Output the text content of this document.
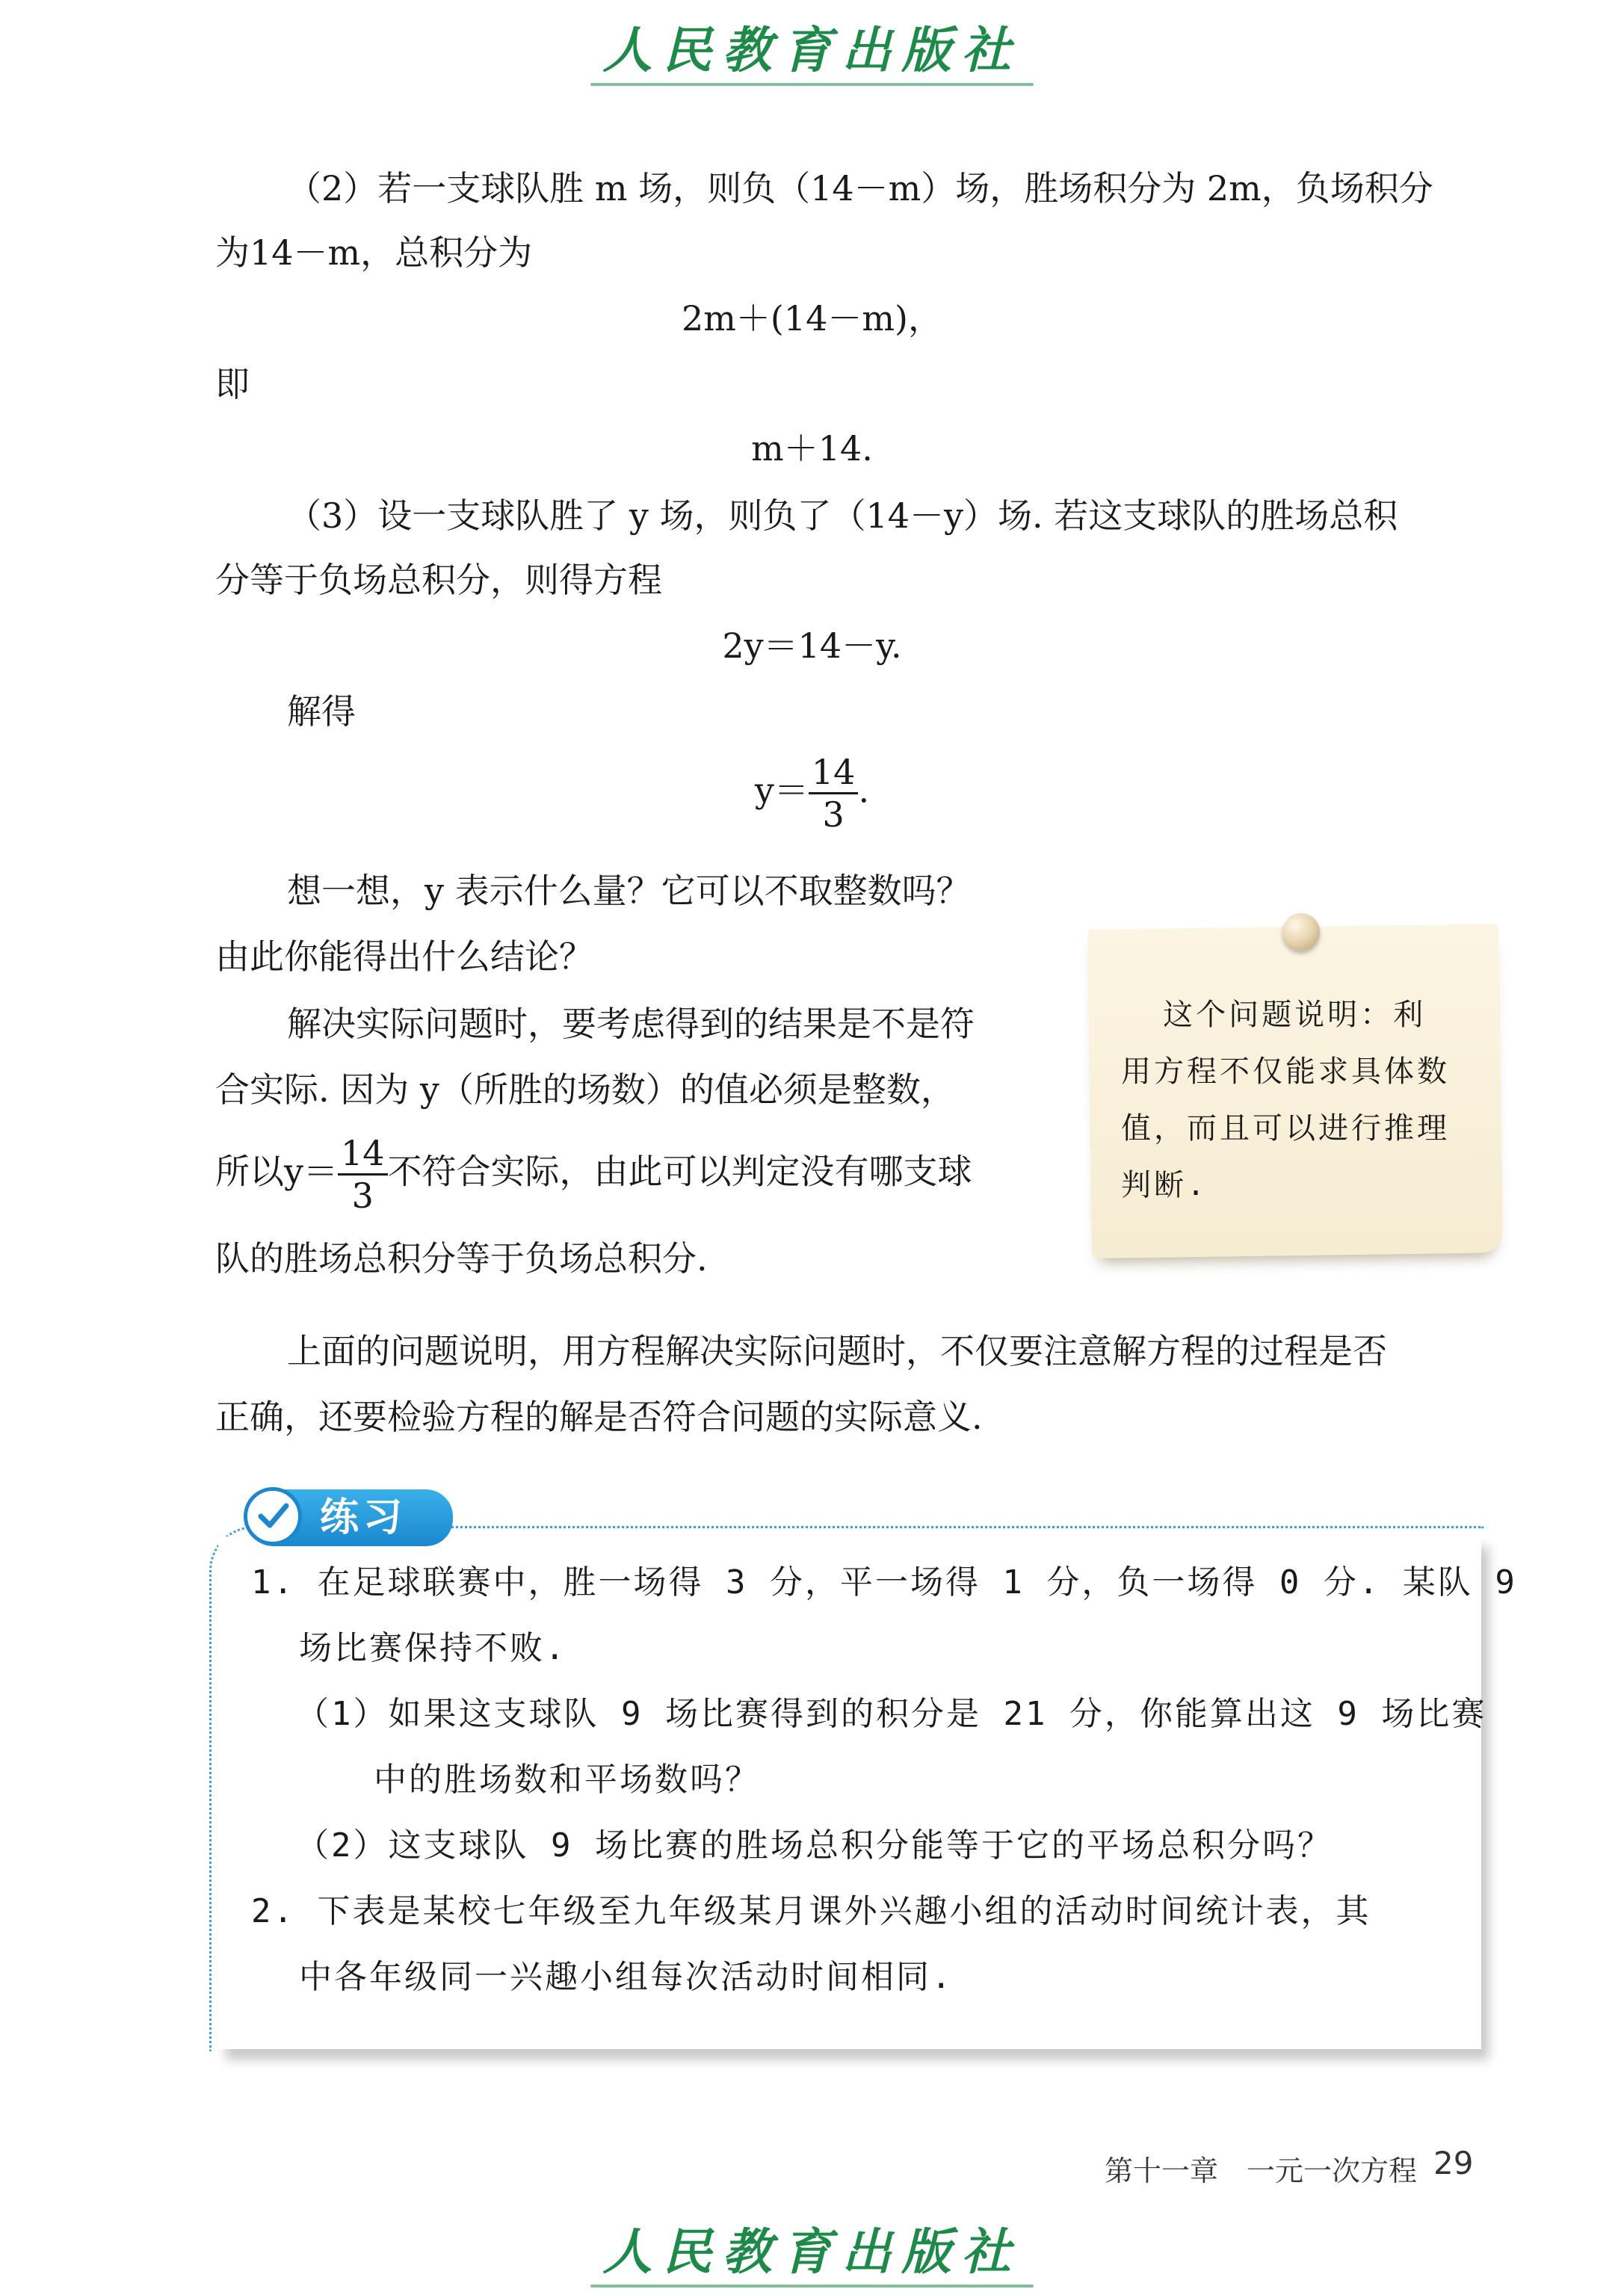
人民教育出版社
（2）若一支球队胜 m 场，则负（14－m）场，胜场积分为 2m，负场积分
为14－m，总积分为
2m＋(14－m)，
即
m＋14.
（3）设一支球队胜了 y 场，则负了（14－y）场. 若这支球队的胜场总积
分等于负场总积分，则得方程
2y＝14－y.
解得
$y= \frac{14}{3}$ .
想一想，y 表示什么量？它可以不取整数吗？
由此你能得出什么结论？
解决实际问题时，要考虑得到的结果是不是符
合实际. 因为 y（所胜的场数）的值必须是整数，
所以$y= \frac{14}{3}$ 不符合实际，由此可以判定没有哪支球
队的胜场总积分等于负场总积分.
这个问题说明：利
用方程不仅能求具体数
值，而且可以进行推理
判断.
上面的问题说明，用方程解决实际问题时，不仅要注意解方程的过程是否
正确，还要检验方程的解是否符合问题的实际意义.
练习
1. 在足球联赛中，胜一场得 3 分，平一场得 1 分，负一场得 0 分. 某队 9
场比赛保持不败.
（1）如果这支球队 9 场比赛得到的积分是 21 分，你能算出这 9 场比赛
中的胜场数和平场数吗？
（2）这支球队 9 场比赛的胜场总积分能等于它的平场总积分吗？
2. 下表是某校七年级至九年级某月课外兴趣小组的活动时间统计表，其
中各年级同一兴趣小组每次活动时间相同.
第十一章　一元一次方程 29
人民教育出版社
